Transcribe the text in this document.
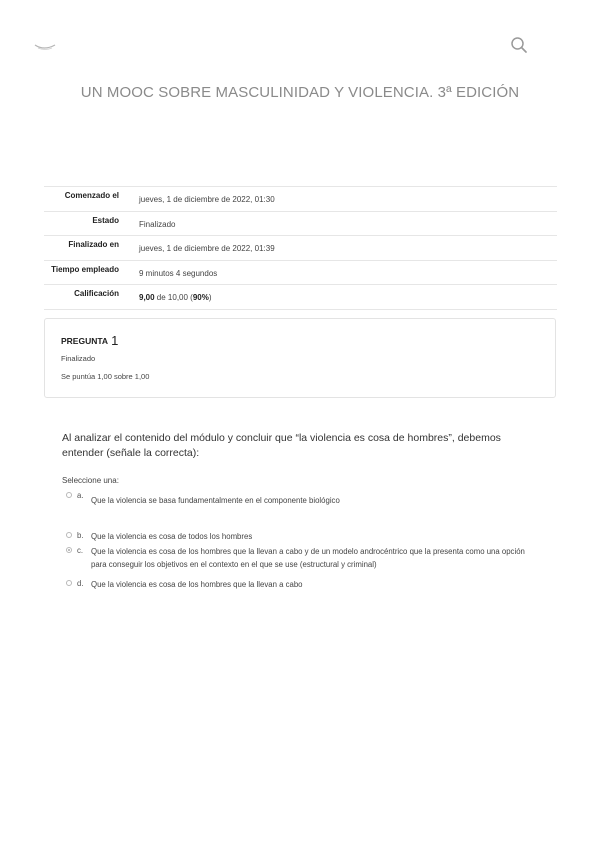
UN MOOC SOBRE MASCULINIDAD Y VIOLENCIA. 3ª EDICIÓN
Comenzado el	jueves, 1 de diciembre de 2022, 01:30
Estado	Finalizado
Finalizado en	jueves, 1 de diciembre de 2022, 01:39
Tiempo empleado	9 minutos 4 segundos
Calificación	9,00 de 10,00 (90%)
PREGUNTA 1
Finalizado
Se puntúa 1,00 sobre 1,00
Al analizar el contenido del módulo y concluir que “la violencia es cosa de hombres”, debemos entender (señale la correcta):
Seleccione una:
a.
Que la violencia se basa fundamentalmente en el componente biológico
b. Que la violencia es cosa de todos los hombres
c. Que la violencia es cosa de los hombres que la llevan a cabo y de un modelo androcéntrico que la presenta como una opción para conseguir los objetivos en el contexto en el que se use (estructural y criminal)
d. Que la violencia es cosa de los hombres que la llevan a cabo
